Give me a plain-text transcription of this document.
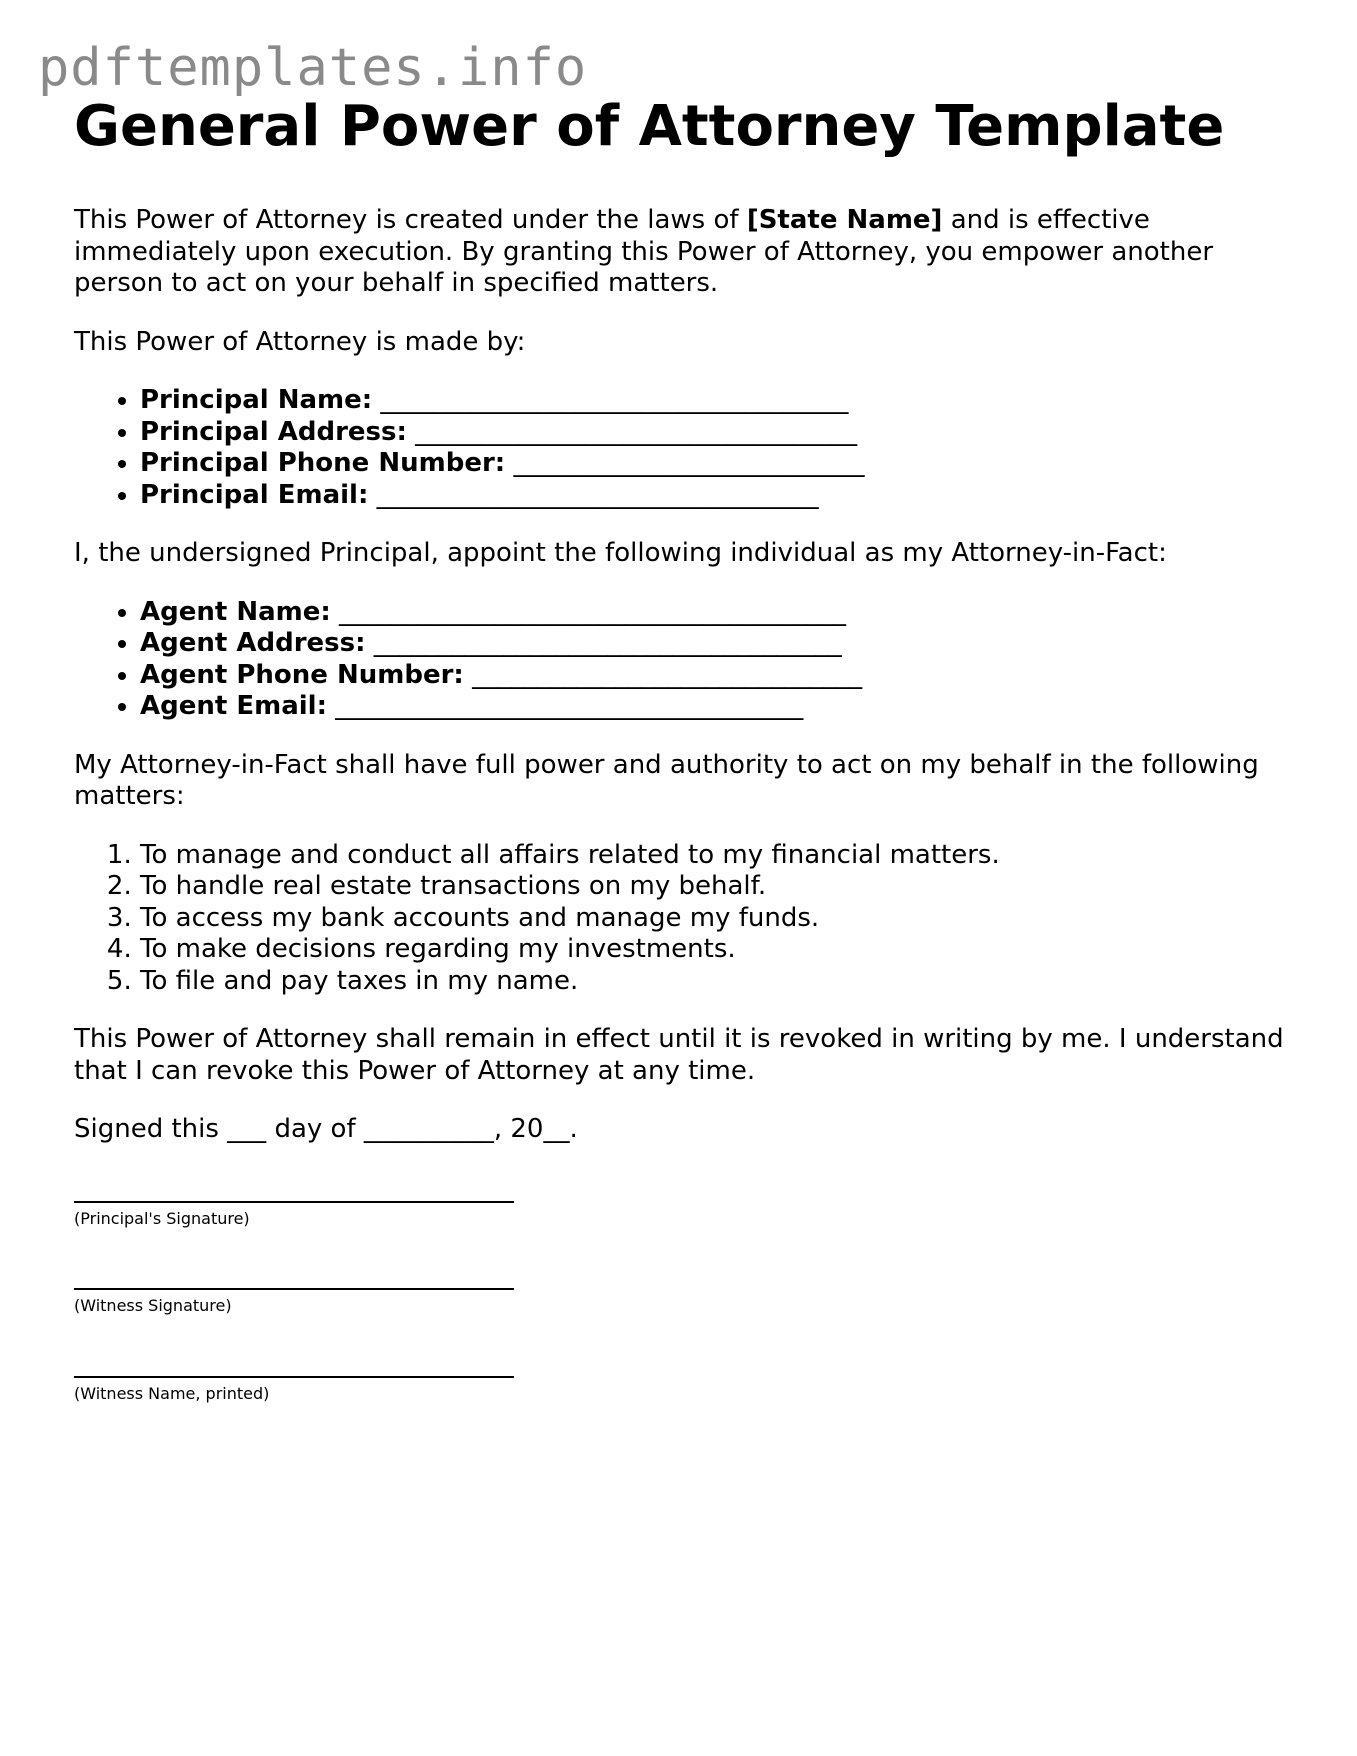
pdftemplates.info
General Power of Attorney Template

This Power of Attorney is created under the laws of [State Name] and is effective immediately upon execution. By granting this Power of Attorney, you empower another person to act on your behalf in specified matters.

This Power of Attorney is made by:

• Principal Name: ____________________________________
• Principal Address: __________________________________
• Principal Phone Number: ___________________________
• Principal Email: __________________________________

I, the undersigned Principal, appoint the following individual as my Attorney-in-Fact:

• Agent Name: _______________________________________
• Agent Address: ____________________________________
• Agent Phone Number: ______________________________
• Agent Email: ____________________________________

My Attorney-in-Fact shall have full power and authority to act on my behalf in the following matters:

1. To manage and conduct all affairs related to my financial matters.
2. To handle real estate transactions on my behalf.
3. To access my bank accounts and manage my funds.
4. To make decisions regarding my investments.
5. To file and pay taxes in my name.

This Power of Attorney shall remain in effect until it is revoked in writing by me. I understand that I can revoke this Power of Attorney at any time.

Signed this ___ day of __________, 20__.

(Principal's Signature)
(Witness Signature)
(Witness Name, printed)
